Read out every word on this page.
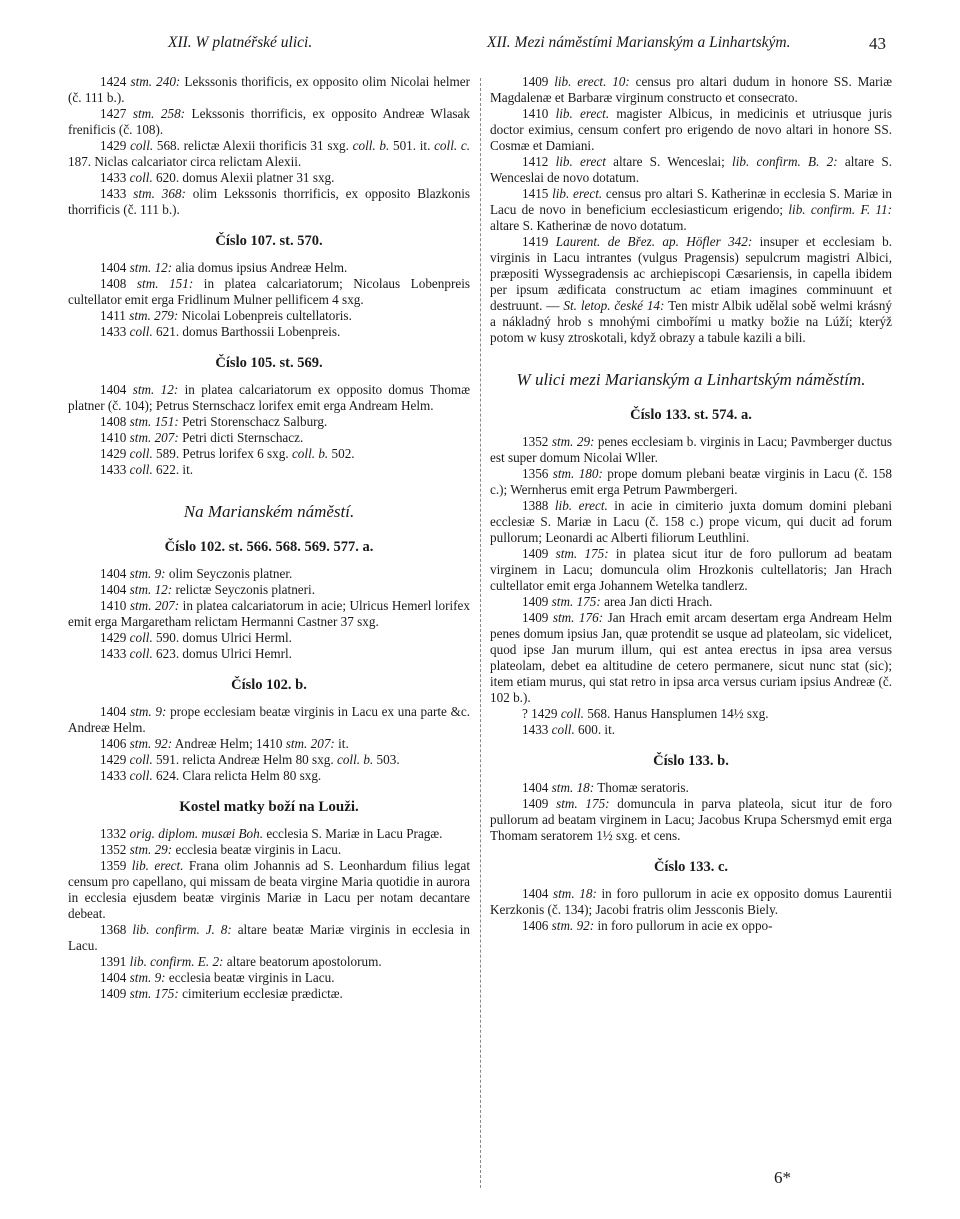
XII. W platnéřské ulici.	XII. Mezi náměstími Marianským a Linhartským.	43

1424 stm. 240: Lekssonis thorificis, ex opposito olim Nicolai helmer (č. 111 b.).

1427 stm. 258: Lekssonis thorrificis, ex opposito Andreæ Wlasak frenificis (č. 108).

1429 coll. 568. relictæ Alexii thorificis 31 sxg. coll. b. 501. it. coll. c. 187. Niclas calcariator circa relictam Alexii.

1433 coll. 620. domus Alexii platner 31 sxg.

1433 stm. 368: olim Lekssonis thorrificis, ex opposito Blazkonis thorrificis (č. 111 b.).

Číslo 107. st. 570.

1404 stm. 12: alia domus ipsius Andreæ Helm.

1408 stm. 151: in platea calcariatorum; Nicolaus Lobenpreis cultellator emit erga Fridlinum Mulner pellificem 4 sxg.

1411 stm. 279: Nicolai Lobenpreis cultellatoris.

1433 coll. 621. domus Barthossii Lobenpreis.

Číslo 105. st. 569.

1404 stm. 12: in platea calcariatorum ex opposito domus Thomæ platner (č. 104); Petrus Sternschacz lorifex emit erga Andream Helm.

1408 stm. 151: Petri Storenschacz Salburg.

1410 stm. 207: Petri dicti Sternschacz.

1429 coll. 589. Petrus lorifex 6 sxg. coll. b. 502.

1433 coll. 622. it.

Na Marianském náměstí.
Číslo 102. st. 566. 568. 569. 577. a.

1404 stm. 9: olim Seyczonis platner.

1404 stm. 12: relictæ Seyczonis platneri.

1410 stm. 207: in platea calcariatorum in acie; Ulricus Hemerl lorifex emit erga Margaretham relictam Hermanni Castner 37 sxg.

1429 coll. 590. domus Ulrici Herml.

1433 coll. 623. domus Ulrici Hemrl.

Číslo 102. b.

1404 stm. 9: prope ecclesiam beatæ virginis in Lacu ex una parte &c. Andreæ Helm.

1406 stm. 92: Andreæ Helm; 1410 stm. 207: it.

1429 coll. 591. relicta Andreæ Helm 80 sxg. coll. b. 503.

1433 coll. 624. Clara relicta Helm 80 sxg.

Kostel matky boží na Louži.

1332 orig. diplom. musæi Boh. ecclesia S. Mariæ in Lacu Pragæ.

1352 stm. 29: ecclesia beatæ virginis in Lacu.

1359 lib. erect. Frana olim Johannis ad S. Leonhardum filius legat censum pro capellano, qui missam de beata virgine Maria quotidie in aurora in ecclesia ejusdem beatæ virginis Mariæ in Lacu per notam decantare debeat.

1368 lib. confirm. J. 8: altare beatæ Mariæ virginis in ecclesia in Lacu.

1391 lib. confirm. E. 2: altare beatorum apostolorum.

1404 stm. 9: ecclesia beatæ virginis in Lacu.

1409 stm. 175: cimiterium ecclesiæ prædictæ.

1409 lib. erect. 10: census pro altari dudum in honore SS. Mariæ Magdalenæ et Barbaræ virginum constructo et consecrato.

1410 lib. erect. magister Albicus, in medicinis et utriusque juris doctor eximius, censum confert pro erigendo de novo altari in honore SS. Cosmæ et Damiani.

1412 lib. erect altare S. Wenceslai; lib. confirm. B. 2: altare S. Wenceslai de novo dotatum.

1415 lib. erect. census pro altari S. Katherinæ in ecclesia S. Mariæ in Lacu de novo in beneficium ecclesiasticum erigendo; lib. confirm. F. 11: altare S. Katherinæ de novo dotatum.

1419 Laurent. de Břez. ap. Höfler 342: insuper et ecclesiam b. virginis in Lacu intrantes (vulgus Pragensis) sepulcrum magistri Albici, præpositi Wyssegradensis ac archiepiscopi Cæsariensis, in capella ibidem per ipsum ædificata constructum ac etiam imagines comminuunt et destruunt. — St. letop. české 14: Ten mistr Albik udělal sobě welmi krásný a nákladný hrob s mnohými cimbořími u matky božie na Lúží; kterýž potom w kusy ztroskotali, když obrazy a tabule kazili a bili.

W ulici mezi Marianským a Linhartským náměstím.
Číslo 133. st. 574. a.

1352 stm. 29: penes ecclesiam b. virginis in Lacu; Pavmberger ductus est super domum Nicolai Wller.

1356 stm. 180: prope domum plebani beatæ virginis in Lacu (č. 158 c.); Wernherus emit erga Petrum Pawmbergeri.

1388 lib. erect. in acie in cimiterio juxta domum domini plebani ecclesiæ S. Mariæ in Lacu (č. 158 c.) prope vicum, qui ducit ad forum pullorum; Leonardi ac Alberti filiorum Leuthlini.

1409 stm. 175: in platea sicut itur de foro pullorum ad beatam virginem in Lacu; domuncula olim Hrozkonis cultellatoris; Jan Hrach cultellator emit erga Johannem Wetelka tandlerz.

1409 stm. 175: area Jan dicti Hrach.

1409 stm. 176: Jan Hrach emit arcam desertam erga Andream Helm penes domum ipsius Jan, quæ protendit se usque ad plateolam, sic videlicet, quod ipse Jan murum illum, qui est antea erectus in ipsa area versus plateolam, debet ea altitudine de cetero permanere, sicut nunc stat (sic); item etiam murus, qui stat retro in ipsa arca versus curiam ipsius Andreæ (č. 102 b.).

? 1429 coll. 568. Hanus Hansplumen 14½ sxg.

1433 coll. 600. it.

Číslo 133. b.

1404 stm. 18: Thomæ seratoris.

1409 stm. 175: domuncula in parva plateola, sicut itur de foro pullorum ad beatam virginem in Lacu; Jacobus Krupa Schersmyd emit erga Thomam seratorem 1½ sxg. et cens.

Číslo 133. c.

1404 stm. 18: in foro pullorum in acie ex opposito domus Laurentii Kerzkonis (č. 134); Jacobi fratris olim Jessconis Biely.

1406 stm. 92: in foro pullorum in acie ex oppo-

6*
